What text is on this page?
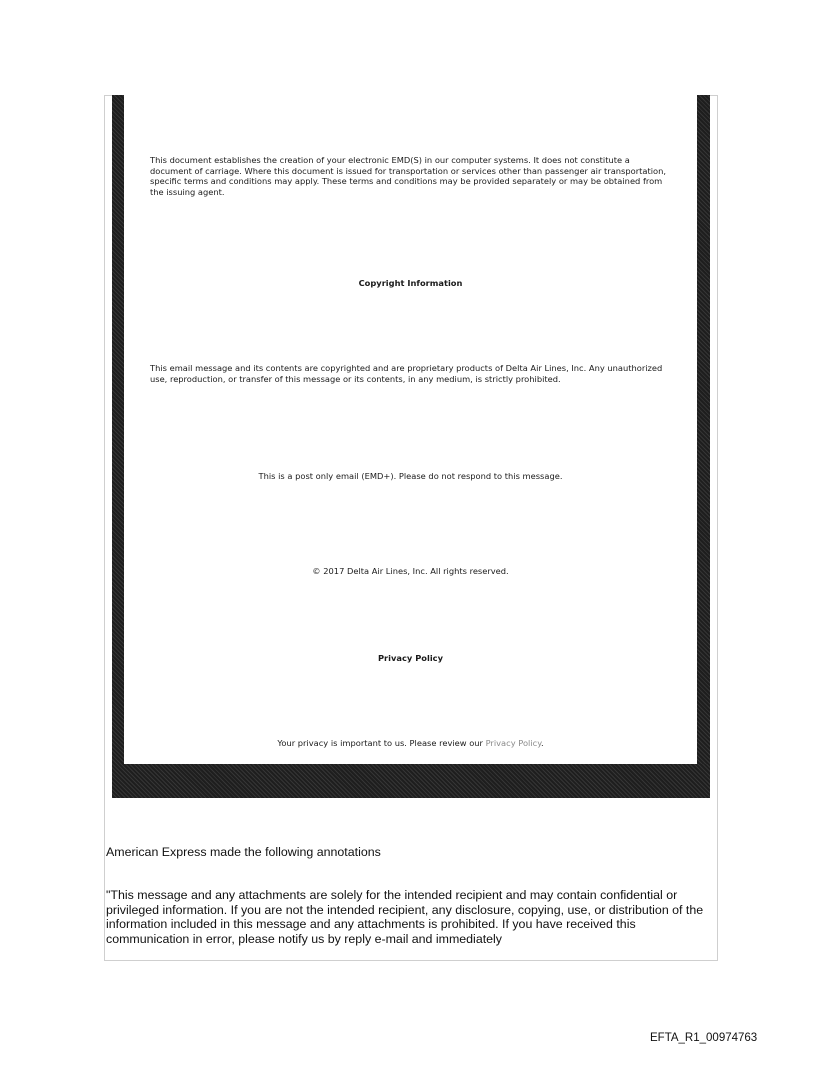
This document establishes the creation of your electronic EMD(S) in our computer systems. It does not constitute a document of carriage. Where this document is issued for transportation or services other than passenger air transportation, specific terms and conditions may apply. These terms and conditions may be provided separately or may be obtained from the issuing agent.
Copyright Information
This email message and its contents are copyrighted and are proprietary products of Delta Air Lines, Inc. Any unauthorized use, reproduction, or transfer of this message or its contents, in any medium, is strictly prohibited.
This is a post only email (EMD+). Please do not respond to this message.
© 2017 Delta Air Lines, Inc. All rights reserved.
Privacy Policy
Your privacy is important to us. Please review our Privacy Policy.
American Express made the following annotations
"This message and any attachments are solely for the intended recipient and may contain confidential or privileged information. If you are not the intended recipient, any disclosure, copying, use, or distribution of the information included in this message and any attachments is prohibited. If you have received this communication in error, please notify us by reply e-mail and immediately
EFTA_R1_00974763
